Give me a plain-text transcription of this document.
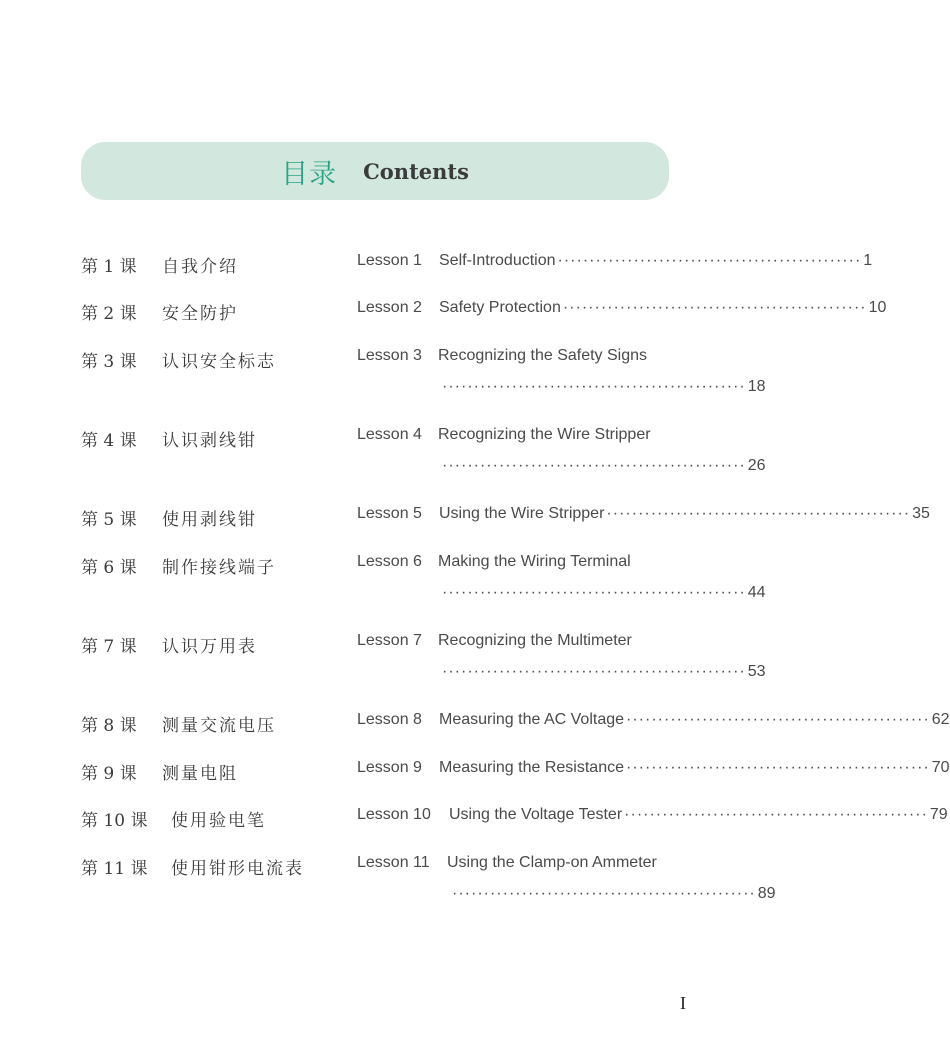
目录 Contents
第 1 课 自我介绍	Lesson 1 Self-Introduction ················································ 1
第 2 课 安全防护	Lesson 2 Safety Protection ················································ 10
第 3 课 认识安全标志	Lesson 3 Recognizing the Safety Signs
················································ 18
第 4 课 认识剥线钳	Lesson 4 Recognizing the Wire Stripper
················································ 26
第 5 课 使用剥线钳	Lesson 5 Using the Wire Stripper ················································ 35
第 6 课 制作接线端子	Lesson 6 Making the Wiring Terminal
················································ 44
第 7 课 认识万用表	Lesson 7 Recognizing the Multimeter
················································ 53
第 8 课 测量交流电压	Lesson 8 Measuring the AC Voltage ················································ 62
第 9 课 测量电阻	Lesson 9 Measuring the Resistance ················································ 70
第 10 课 使用验电笔	Lesson 10 Using the Voltage Tester ················································ 79
第 11 课 使用钳形电流表	Lesson 11 Using the Clamp-on Ammeter
················································ 89
I
